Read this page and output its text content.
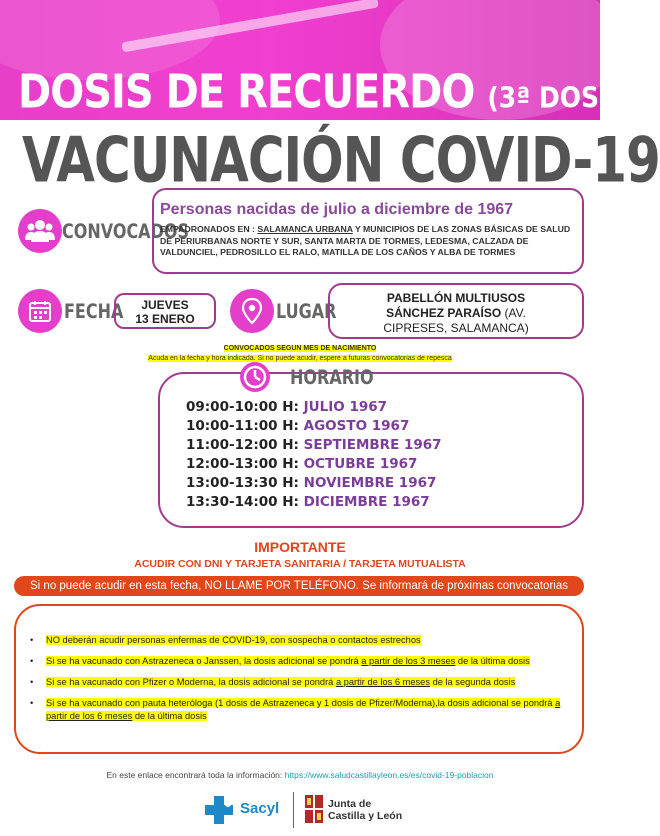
DOSIS DE RECUERDO (3ª DOSIS)
VACUNACIÓN COVID-19
CONVOCADOS
Personas nacidas de julio a diciembre de 1967
EMPADRONADOS EN : SALAMANCA URBANA Y MUNICIPIOS DE LAS ZONAS BÁSICAS DE SALUD DE PERIURBANAS NORTE Y SUR, SANTA MARTA DE TORMES, LEDESMA, CALZADA DE VALDUNCIEL, PEDROSILLO EL RALO, MATILLA DE LOS CAÑOS Y ALBA DE TORMES
FECHA	JUEVES
13 ENERO	LUGAR
PABELLÓN MULTIUSOS
SÁNCHEZ PARAÍSO (AV.
CIPRESES, SALAMANCA)
CONVOCADOS SEGUN MES DE NACIMIENTO
Acuda en la fecha y hora indicada. Si no puede acudir, espere a futuras convocatorias de repesca
HORARIO
09:00-10:00 H: JULIO 1967
10:00-11:00 H: AGOSTO 1967
11:00-12:00 H: SEPTIEMBRE 1967
12:00-13:00 H: OCTUBRE 1967
13:00-13:30 H: NOVIEMBRE 1967
13:30-14:00 H: DICIEMBRE 1967
IMPORTANTE
ACUDIR CON DNI Y TARJETA SANITARIA / TARJETA MUTUALISTA
Si no puede acudir en esta fecha, NO LLAME POR TELÉFONO. Se informará de próximas convocatorias
• NO deberán acudir personas enfermas de COVID-19, con sospecha o contactos estrechos
• Si se ha vacunado con Astrazeneca o Janssen, la dosis adicional se pondrá a partir de los 3 meses de la última dosis
• Si se ha vacunado con Pfizer o Moderna, la dosis adicional se pondrá a partir de los 6 meses de la segunda dosis
• Si se ha vacunado con pauta heteróloga (1 dosis de Astrazeneca y 1 dosis de Pfizer/Moderna),la dosis adicional se pondrá a partir de los 6 meses de la última dosis
En este enlace encontrará toda la información: https://www.saludcastillayleon.es/es/covid-19-poblacion
Sacyl	Junta de
Castilla y León
